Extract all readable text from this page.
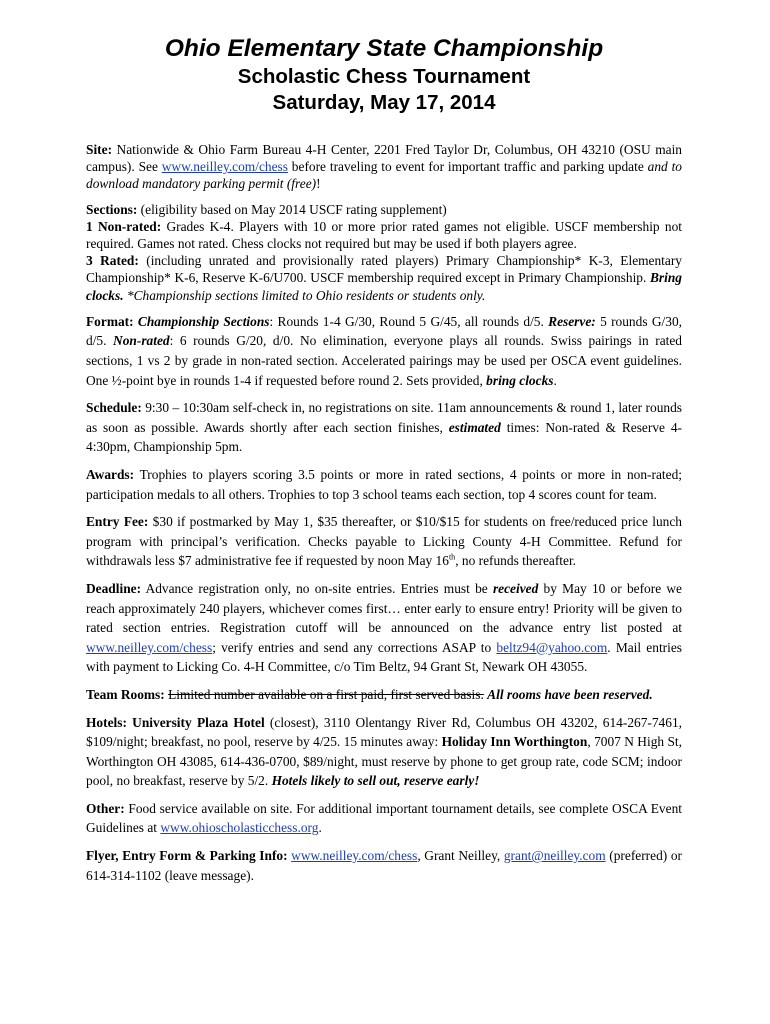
Ohio Elementary State Championship
Scholastic Chess Tournament
Saturday, May 17, 2014

Site: Nationwide & Ohio Farm Bureau 4-H Center, 2201 Fred Taylor Dr, Columbus, OH 43210 (OSU main campus). See www.neilley.com/chess before traveling to event for important traffic and parking update and to download mandatory parking permit (free)!

Sections: (eligibility based on May 2014 USCF rating supplement)
1 Non-rated: Grades K-4. Players with 10 or more prior rated games not eligible. USCF membership not required. Games not rated. Chess clocks not required but may be used if both players agree.
3 Rated: (including unrated and provisionally rated players) Primary Championship* K-3, Elementary Championship* K-6, Reserve K-6/U700. USCF membership required except in Primary Championship. Bring clocks. *Championship sections limited to Ohio residents or students only.

Format: Championship Sections: Rounds 1-4 G/30, Round 5 G/45, all rounds d/5. Reserve: 5 rounds G/30, d/5. Non-rated: 6 rounds G/20, d/0. No elimination, everyone plays all rounds. Swiss pairings in rated sections, 1 vs 2 by grade in non-rated section. Accelerated pairings may be used per OSCA event guidelines. One ½-point bye in rounds 1-4 if requested before round 2. Sets provided, bring clocks.

Schedule: 9:30 – 10:30am self-check in, no registrations on site. 11am announcements & round 1, later rounds as soon as possible. Awards shortly after each section finishes, estimated times: Non-rated & Reserve 4-4:30pm, Championship 5pm.

Awards: Trophies to players scoring 3.5 points or more in rated sections, 4 points or more in non-rated; participation medals to all others. Trophies to top 3 school teams each section, top 4 scores count for team.

Entry Fee: $30 if postmarked by May 1, $35 thereafter, or $10/$15 for students on free/reduced price lunch program with principal’s verification. Checks payable to Licking County 4-H Committee. Refund for withdrawals less $7 administrative fee if requested by noon May 16th, no refunds thereafter.

Deadline: Advance registration only, no on-site entries. Entries must be received by May 10 or before we reach approximately 240 players, whichever comes first… enter early to ensure entry! Priority will be given to rated section entries. Registration cutoff will be announced on the advance entry list posted at www.neilley.com/chess; verify entries and send any corrections ASAP to beltz94@yahoo.com. Mail entries with payment to Licking Co. 4-H Committee, c/o Tim Beltz, 94 Grant St, Newark OH 43055.

Team Rooms: Limited number available on a first paid, first served basis. All rooms have been reserved.

Hotels: University Plaza Hotel (closest), 3110 Olentangy River Rd, Columbus OH 43202, 614-267-7461, $109/night; breakfast, no pool, reserve by 4/25. 15 minutes away: Holiday Inn Worthington, 7007 N High St, Worthington OH 43085, 614-436-0700, $89/night, must reserve by phone to get group rate, code SCM; indoor pool, no breakfast, reserve by 5/2. Hotels likely to sell out, reserve early!

Other: Food service available on site. For additional important tournament details, see complete OSCA Event Guidelines at www.ohioscholasticchess.org.

Flyer, Entry Form & Parking Info: www.neilley.com/chess, Grant Neilley, grant@neilley.com (preferred) or 614-314-1102 (leave message).
